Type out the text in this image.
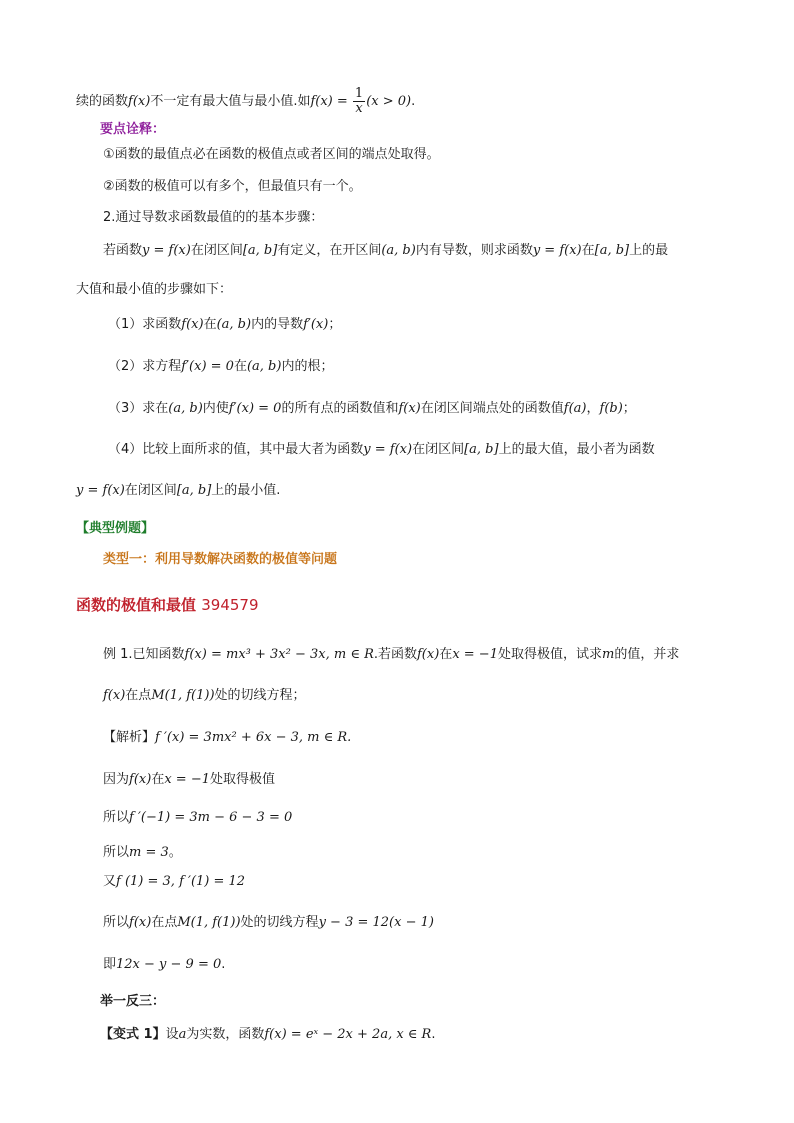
续的函数f(x)不一定有最大值与最小值.如$f(x) = \frac{1}{x} (x > 0)$.
要点诠释：
①函数的最值点必在函数的极值点或者区间的端点处取得。
②函数的极值可以有多个，但最值只有一个。
2.通过导数求函数最值的的基本步骤：
若函数y = f(x)在闭区间[a, b]有定义，在开区间(a, b)内有导数，则求函数y = f(x)在[a, b]上的最
大值和最小值的步骤如下：
（1）求函数f(x)在(a, b)内的导数f′(x)；
（2）求方程f′(x) = 0在(a, b)内的根；
（3）求在(a, b)内使f′(x) = 0的所有点的函数值和f(x)在闭区间端点处的函数值f(a)，f(b)；
（4）比较上面所求的值，其中最大者为函数y = f(x)在闭区间[a, b]上的最大值，最小者为函数
y = f(x)在闭区间[a, b]上的最小值.
【典型例题】
类型一：利用导数解决函数的极值等问题
函数的极值和最值 394579
例 1.已知函数f(x) = mx³ + 3x² − 3x, m ∈ R.若函数f(x)在x = −1处取得极值，试求m的值，并求
f(x)在点M(1, f(1))处的切线方程；
【解析】f ′(x) = 3mx² + 6x − 3, m ∈ R.
因为f(x)在x = −1处取得极值
所以f ′(−1) = 3m − 6 − 3 = 0
所以m = 3。
又f (1) = 3, f ′(1) = 12
所以f(x)在点M(1, f(1))处的切线方程y − 3 = 12(x − 1)
即12x − y − 9 = 0.
举一反三：
【变式 1】设a为实数，函数f(x) = eˣ − 2x + 2a, x ∈ R.
